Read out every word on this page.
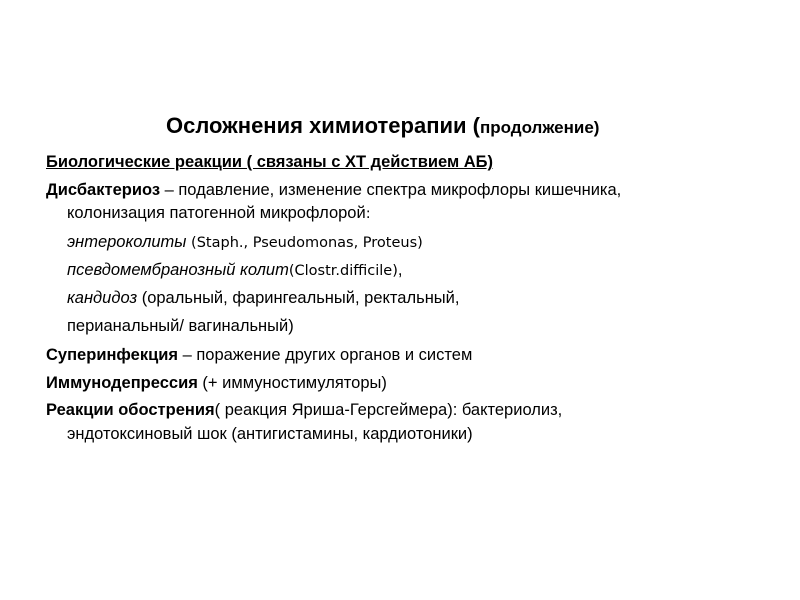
Осложнения химиотерапии (продолжение)
Биологические реакции ( связаны с ХТ действием АБ)
Дисбактериоз – подавление, изменение спектра микрофлоры кишечника,
колонизация патогенной микрофлорой:
энтероколиты (Staph., Pseudomonas, Proteus)
псевдомембранозный колит(Clostr.difficile),
кандидоз (оральный, фарингеальный, ректальный,
перианальный/ вагинальный)
Суперинфекция – поражение других органов и систем
Иммунодепрессия (+ иммуностимуляторы)
Реакции обострения( реакция Яриша-Герсгеймера): бактериолиз,
эндотоксиновый шок (антигистамины, кардиотоники)
